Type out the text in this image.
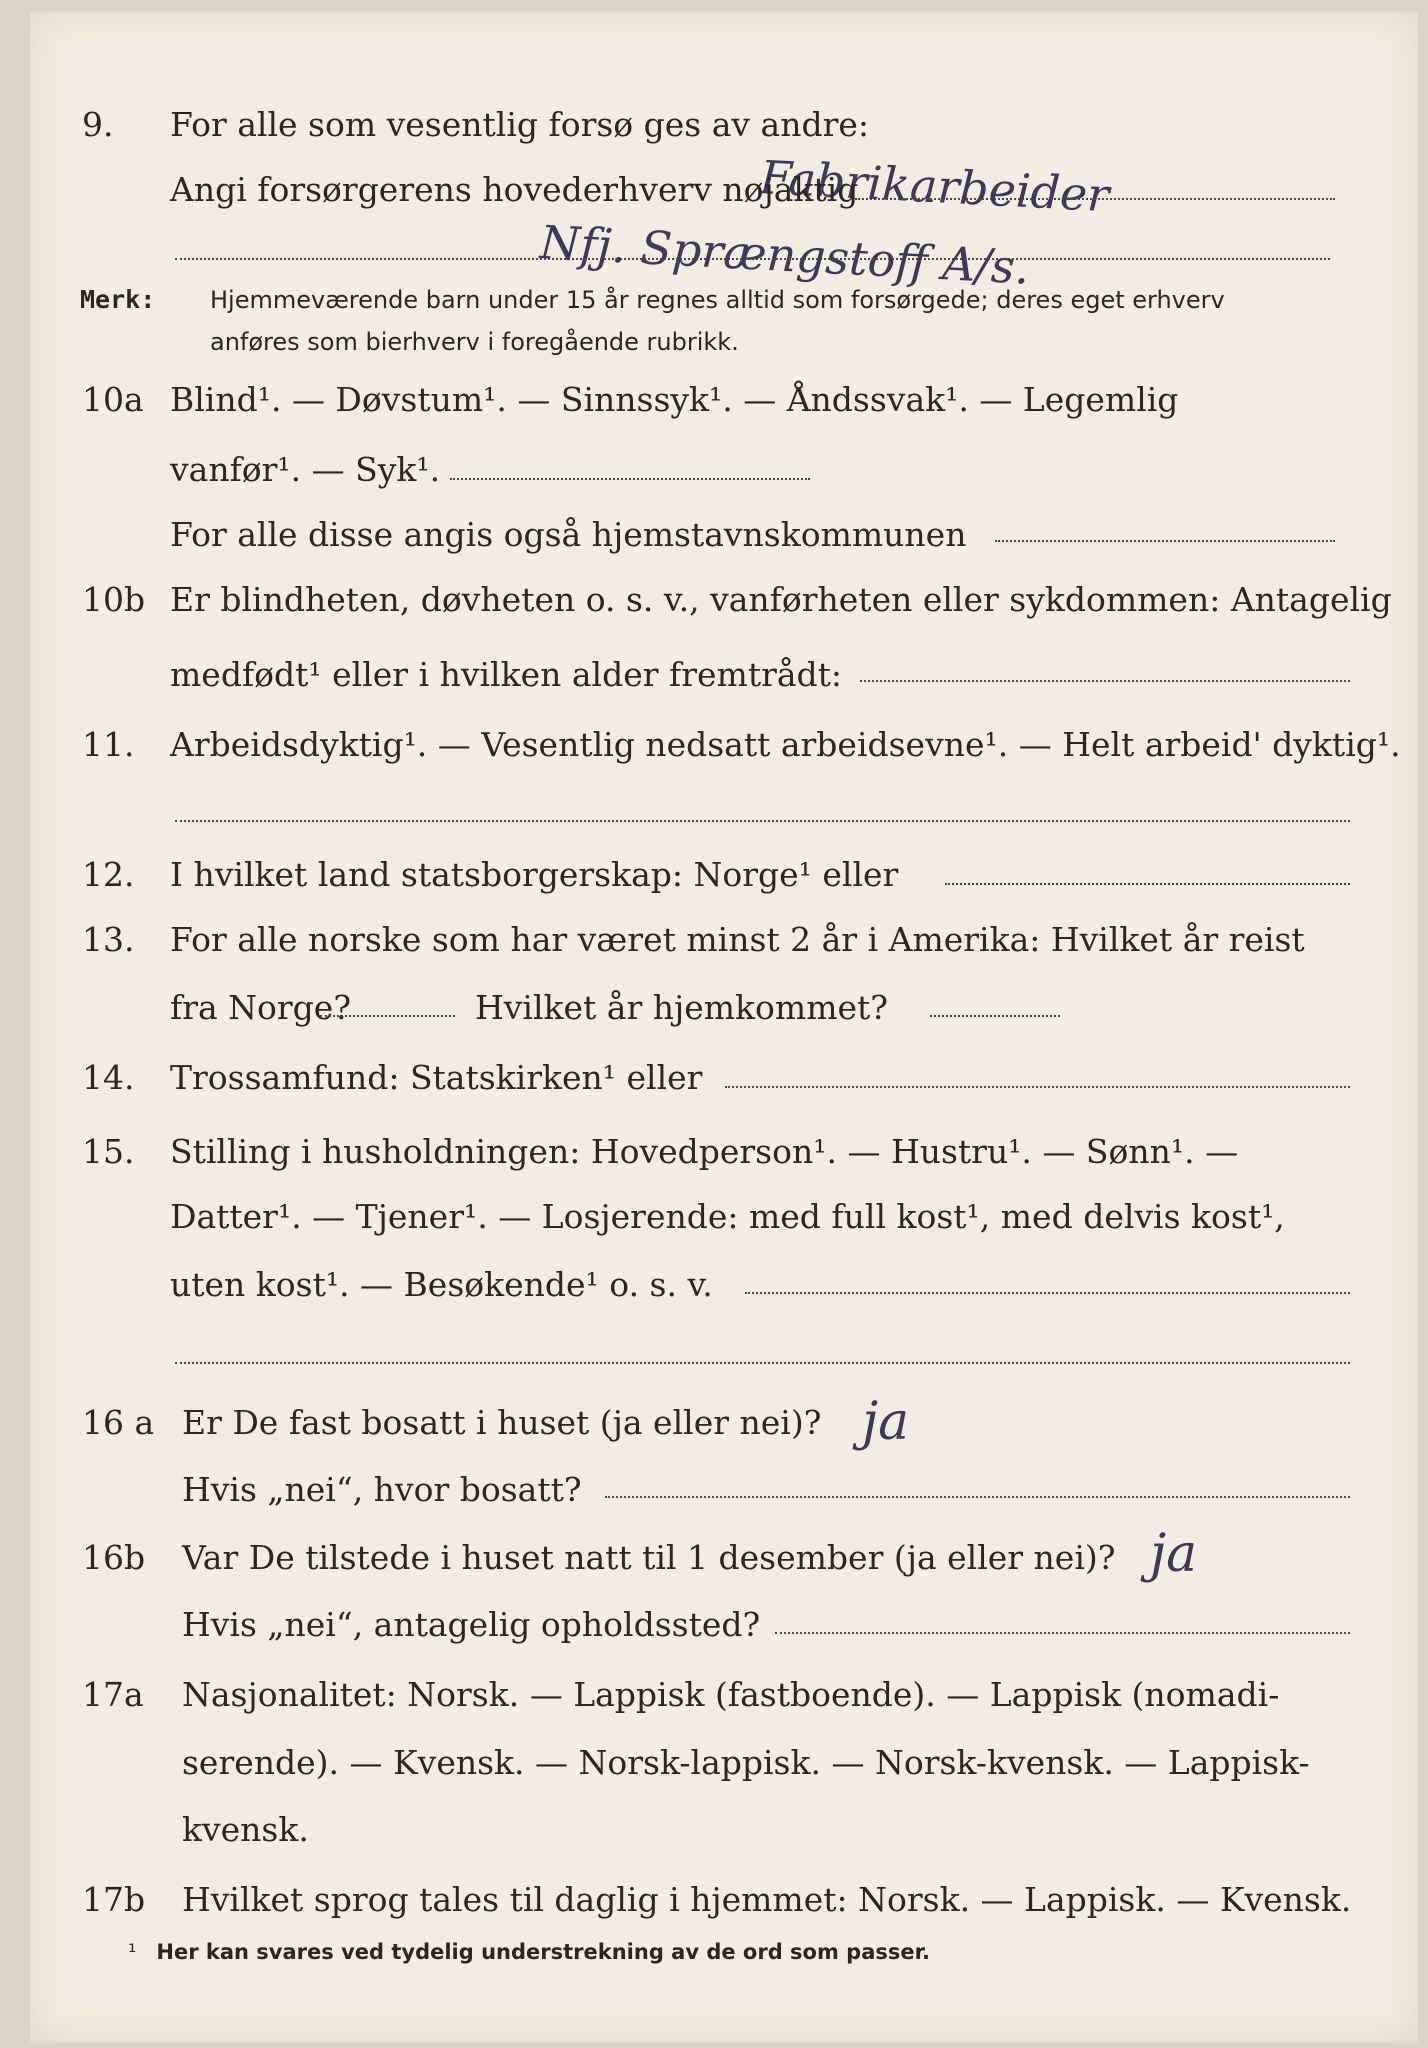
9. For alle som vesentlig forsø ges av andre:
Fabrikarbeider
Angi forsørgerens hovederhverv nøjaktig
Nfj. Sprængstoff A/s.
Merk: Hjemmeværende barn under 15 år regnes alltid som forsørgede; deres eget erhverv
anføres som bierhverv i foregående rubrikk.
10a Blind¹. — Døvstum¹. — Sinnssyk¹. — Åndssvak¹. — Legemlig
vanfør¹. — Syk¹.
For alle disse angis også hjemstavnskommunen
10b Er blindheten, døvheten o. s. v., vanførheten eller sykdommen: Antagelig
medfødt¹ eller i hvilken alder fremtrådt:
11. Arbeidsdyktig¹. — Vesentlig nedsatt arbeidsevne¹. — Helt arbeid' dyktig¹.
12. I hvilket land statsborgerskap: Norge¹ eller
13. For alle norske som har været minst 2 år i Amerika: Hvilket år reist
fra Norge?	Hvilket år hjemkommet?
14. Trossamfund: Statskirken¹ eller
15. Stilling i husholdningen: Hovedperson¹. — Hustru¹. — Sønn¹. —
Datter¹. — Tjener¹. — Losjerende: med full kost¹, med delvis kost¹,
uten kost¹. — Besøkende¹ o. s. v.
16 a Er De fast bosatt i huset (ja eller nei)? ja
Hvis „nei“, hvor bosatt?
16b Var De tilstede i huset natt til 1 desember (ja eller nei)? ja
Hvis „nei“, antagelig opholdssted?
17a Nasjonalitet: Norsk. — Lappisk (fastboende). — Lappisk (nomadi-
serende). — Kvensk. — Norsk-lappisk. — Norsk-kvensk. — Lappisk-
kvensk.
17b Hvilket sprog tales til daglig i hjemmet: Norsk. — Lappisk. — Kvensk.
¹ Her kan svares ved tydelig understrekning av de ord som passer.
